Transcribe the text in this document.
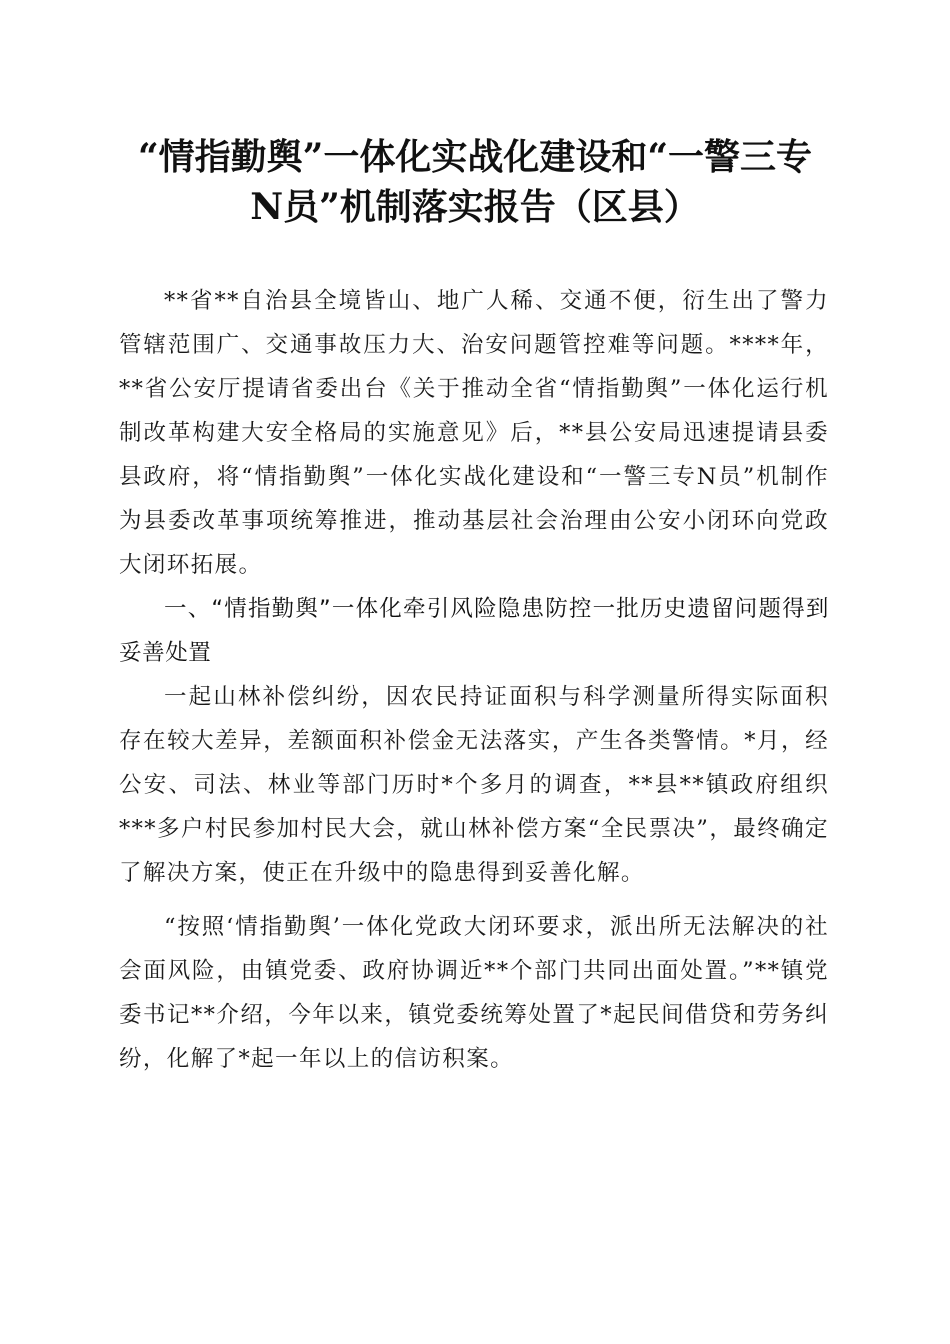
“情指勤舆”一体化实战化建设和“一警三专
N员”机制落实报告（区县）

**省**自治县全境皆山、地广人稀、交通不便，衍生出了警力管辖范围广、交通事故压力大、治安问题管控难等问题。****年，**省公安厅提请省委出台《关于推动全省“情指勤舆”一体化运行机制改革构建大安全格局的实施意见》后，**县公安局迅速提请县委县政府，将“情指勤舆”一体化实战化建设和“一警三专N员”机制作为县委改革事项统筹推进，推动基层社会治理由公安小闭环向党政大闭环拓展。

一、“情指勤舆”一体化牵引风险隐患防控一批历史遗留问题得到妥善处置

一起山林补偿纠纷，因农民持证面积与科学测量所得实际面积存在较大差异，差额面积补偿金无法落实，产生各类警情。*月，经公安、司法、林业等部门历时*个多月的调查，**县**镇政府组织***多户村民参加村民大会，就山林补偿方案“全民票决”，最终确定了解决方案，使正在升级中的隐患得到妥善化解。

“按照‘情指勤舆’一体化党政大闭环要求，派出所无法解决的社会面风险，由镇党委、政府协调近**个部门共同出面处置。”**镇党委书记**介绍，今年以来，镇党委统筹处置了*起民间借贷和劳务纠纷，化解了*起一年以上的信访积案。
